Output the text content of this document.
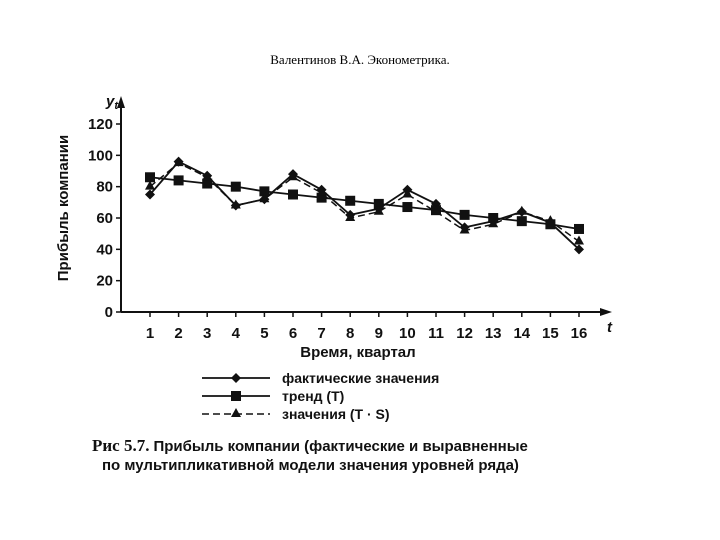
Валентинов В.А. Эконометрика.
$y_t$
t
Прибыль компании
Время, квартал
0
20
40
60
80
100
120
1 2 3 4 5 6 7 8 9 10 11 12 13 14 15 16
фактические значения
тренд (T)
значения (T · S)
Рис 5.7. Прибыль компании (фактические и выравненные
по мультипликативной модели значения уровней ряда)
